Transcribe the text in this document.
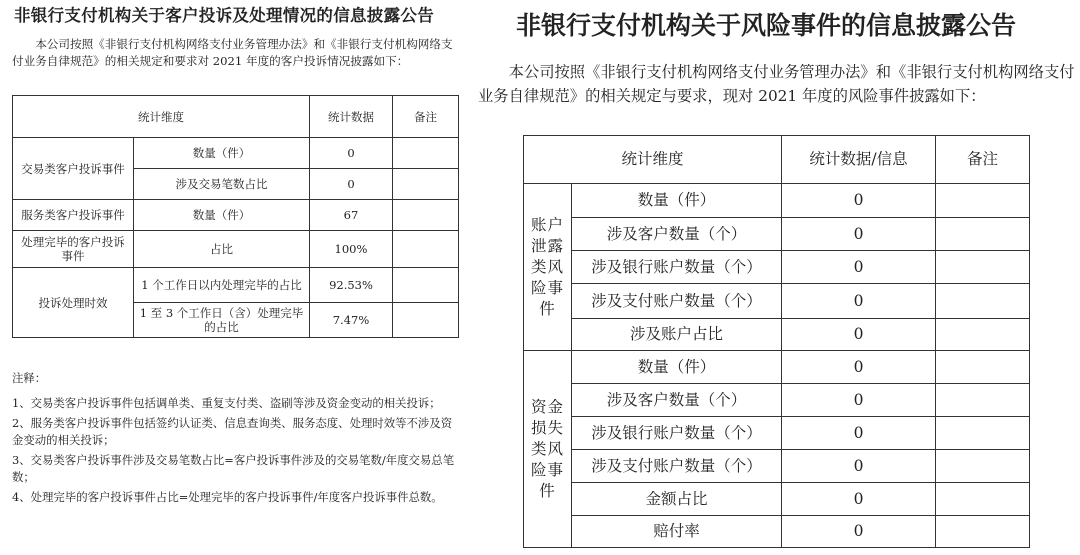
非银行支付机构关于客户投诉及处理情况的信息披露公告
本公司按照《非银行支付机构网络支付业务管理办法》和《非银行支付机构网络支付业务自律规范》的相关规定和要求对 2021 年度的客户投诉情况披露如下：
统计维度		统计数据	备注
交易类客户投诉事件	数量（件）	0	
	涉及交易笔数占比	0	
服务类客户投诉事件	数量（件）	67	
处理完毕的客户投诉事件	占比	100%	
投诉处理时效	1 个工作日以内处理完毕的占比	92.53%	
	1 至 3 个工作日（含）处理完毕的占比	7.47%	

注释：

1、交易类客户投诉事件包括调单类、重复支付类、盗刷等涉及资金变动的相关投诉；

2、服务类客户投诉事件包括签约认证类、信息查询类、服务态度、处理时效等不涉及资金变动的相关投诉；

3、交易类客户投诉事件涉及交易笔数占比=客户投诉事件涉及的交易笔数/年度交易总笔数；

4、处理完毕的客户投诉事件占比=处理完毕的客户投诉事件/年度客户投诉事件总数。

非银行支付机构关于风险事件的信息披露公告
本公司按照《非银行支付机构网络支付业务管理办法》和《非银行支付机构网络支付业务自律规范》的相关规定与要求，现对 2021 年度的风险事件披露如下：
统计维度		统计数据/信息	备注
账户泄露类风险事件	数量（件）	0	
	涉及客户数量（个）	0	
	涉及银行账户数量（个）	0	
	涉及支付账户数量（个）	0	
	涉及账户占比	0	
资金损失类风险事件	数量（件）	0	
	涉及客户数量（个）	0	
	涉及银行账户数量（个）	0	
	涉及支付账户数量（个）	0	
	金额占比	0	
	赔付率	0	
